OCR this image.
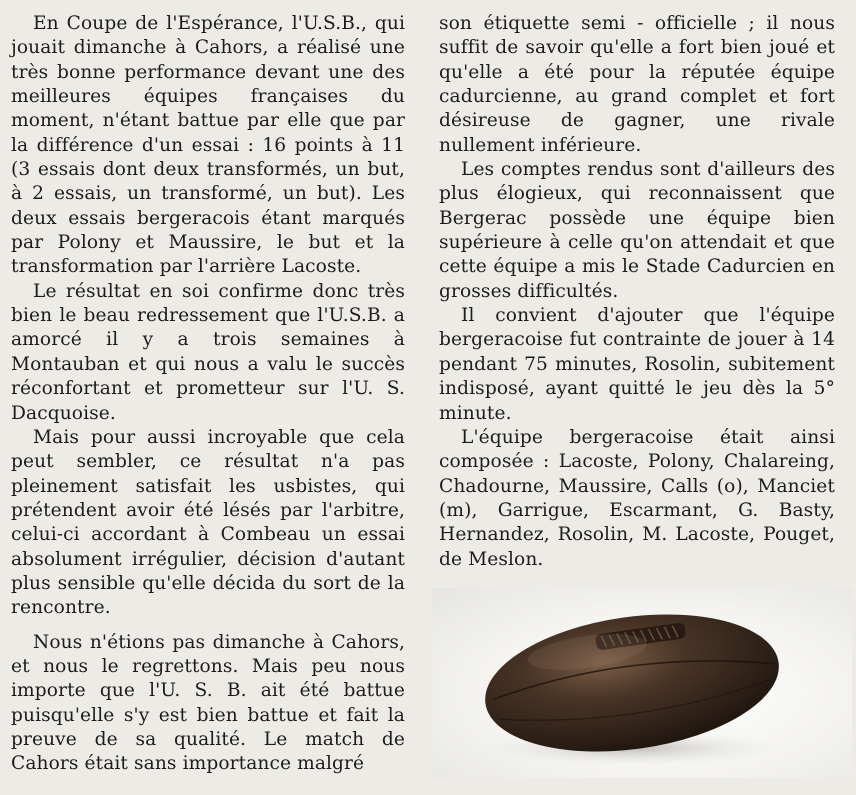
En Coupe de l'Espérance, l'U.S.B., qui jouait dimanche à Cahors, a réalisé une très bonne performance devant une des meilleures équipes françaises du moment, n'étant battue par elle que par la différence d'un essai : 16 points à 11 (3 essais dont deux transformés, un but, à 2 essais, un transformé, un but). Les deux essais bergeracois étant marqués par Polony et Maussire, le but et la transformation par l'arrière Lacoste.

Le résultat en soi confirme donc très bien le beau redressement que l'U.S.B. a amorcé il y a trois semaines à Montauban et qui nous a valu le succès réconfortant et prometteur sur l'U. S. Dacquoise.

Mais pour aussi incroyable que cela peut sembler, ce résultat n'a pas pleinement satisfait les usbistes, qui prétendent avoir été lésés par l'arbitre, celui-ci accordant à Combeau un essai absolument irrégulier, décision d'autant plus sensible qu'elle décida du sort de la rencontre.

Nous n'étions pas dimanche à Cahors, et nous le regrettons. Mais peu nous importe que l'U. S. B. ait été battue puisqu'elle s'y est bien battue et fait la preuve de sa qualité. Le match de Cahors était sans importance malgré

son étiquette semi - officielle ; il nous suffit de savoir qu'elle a fort bien joué et qu'elle a été pour la réputée équipe cadurcienne, au grand complet et fort désireuse de gagner, une rivale nullement inférieure.

Les comptes rendus sont d'ailleurs des plus élogieux, qui reconnaissent que Bergerac possède une équipe bien supérieure à celle qu'on attendait et que cette équipe a mis le Stade Cadurcien en grosses difficultés.

Il convient d'ajouter que l'équipe bergeracoise fut contrainte de jouer à 14 pendant 75 minutes, Rosolin, subitement indisposé, ayant quitté le jeu dès la 5° minute.

L'équipe bergeracoise était ainsi composée : Lacoste, Polony, Chalareing, Chadourne, Maussire, Calls (o), Manciet (m), Garrigue, Escarmant, G. Basty, Hernandez, Rosolin, M. Lacoste, Pouget, de Meslon.
